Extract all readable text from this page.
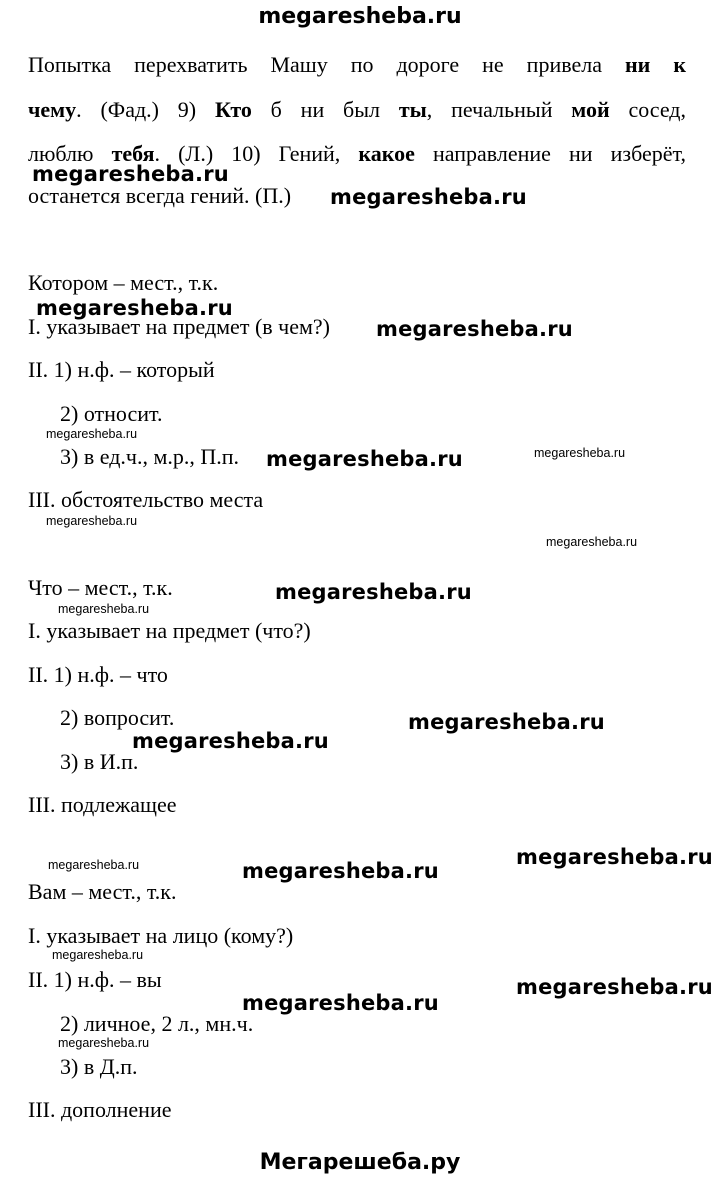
megaresheba.ru
Попытка перехватить Машу по дороге не привела ни к
чему. (Фад.) 9) Кто б ни был ты, печальный мой сосед,
люблю тебя. (Л.) 10) Гений, какое направление ни изберёт,
останется всегда гений. (П.)
Котором – мест., т.к.
I. указывает на предмет (в чем?)
II. 1) н.ф. – который
2) относит.
3) в ед.ч., м.р., П.п.
III. обстоятельство места
Что – мест., т.к.
I. указывает на предмет (что?)
II. 1) н.ф. – что
2) вопросит.
3) в И.п.
III. подлежащее
Вам – мест., т.к.
I. указывает на лицо (кому?)
II. 1) н.ф. – вы
2) личное, 2 л., мн.ч.
3) в Д.п.
III. дополнение
megaresheba.ru
megaresheba.ru
megaresheba.ru
megaresheba.ru
megaresheba.ru
megaresheba.ru	megaresheba.ru
megaresheba.ru
megaresheba.ru
megaresheba.ru
megaresheba.ru
megaresheba.ru
megaresheba.ru
megaresheba.ru
megaresheba.ru	megaresheba.ru
megaresheba.ru
megaresheba.ru
megaresheba.ru
megaresheba.ru
Мегарешеба.ру
